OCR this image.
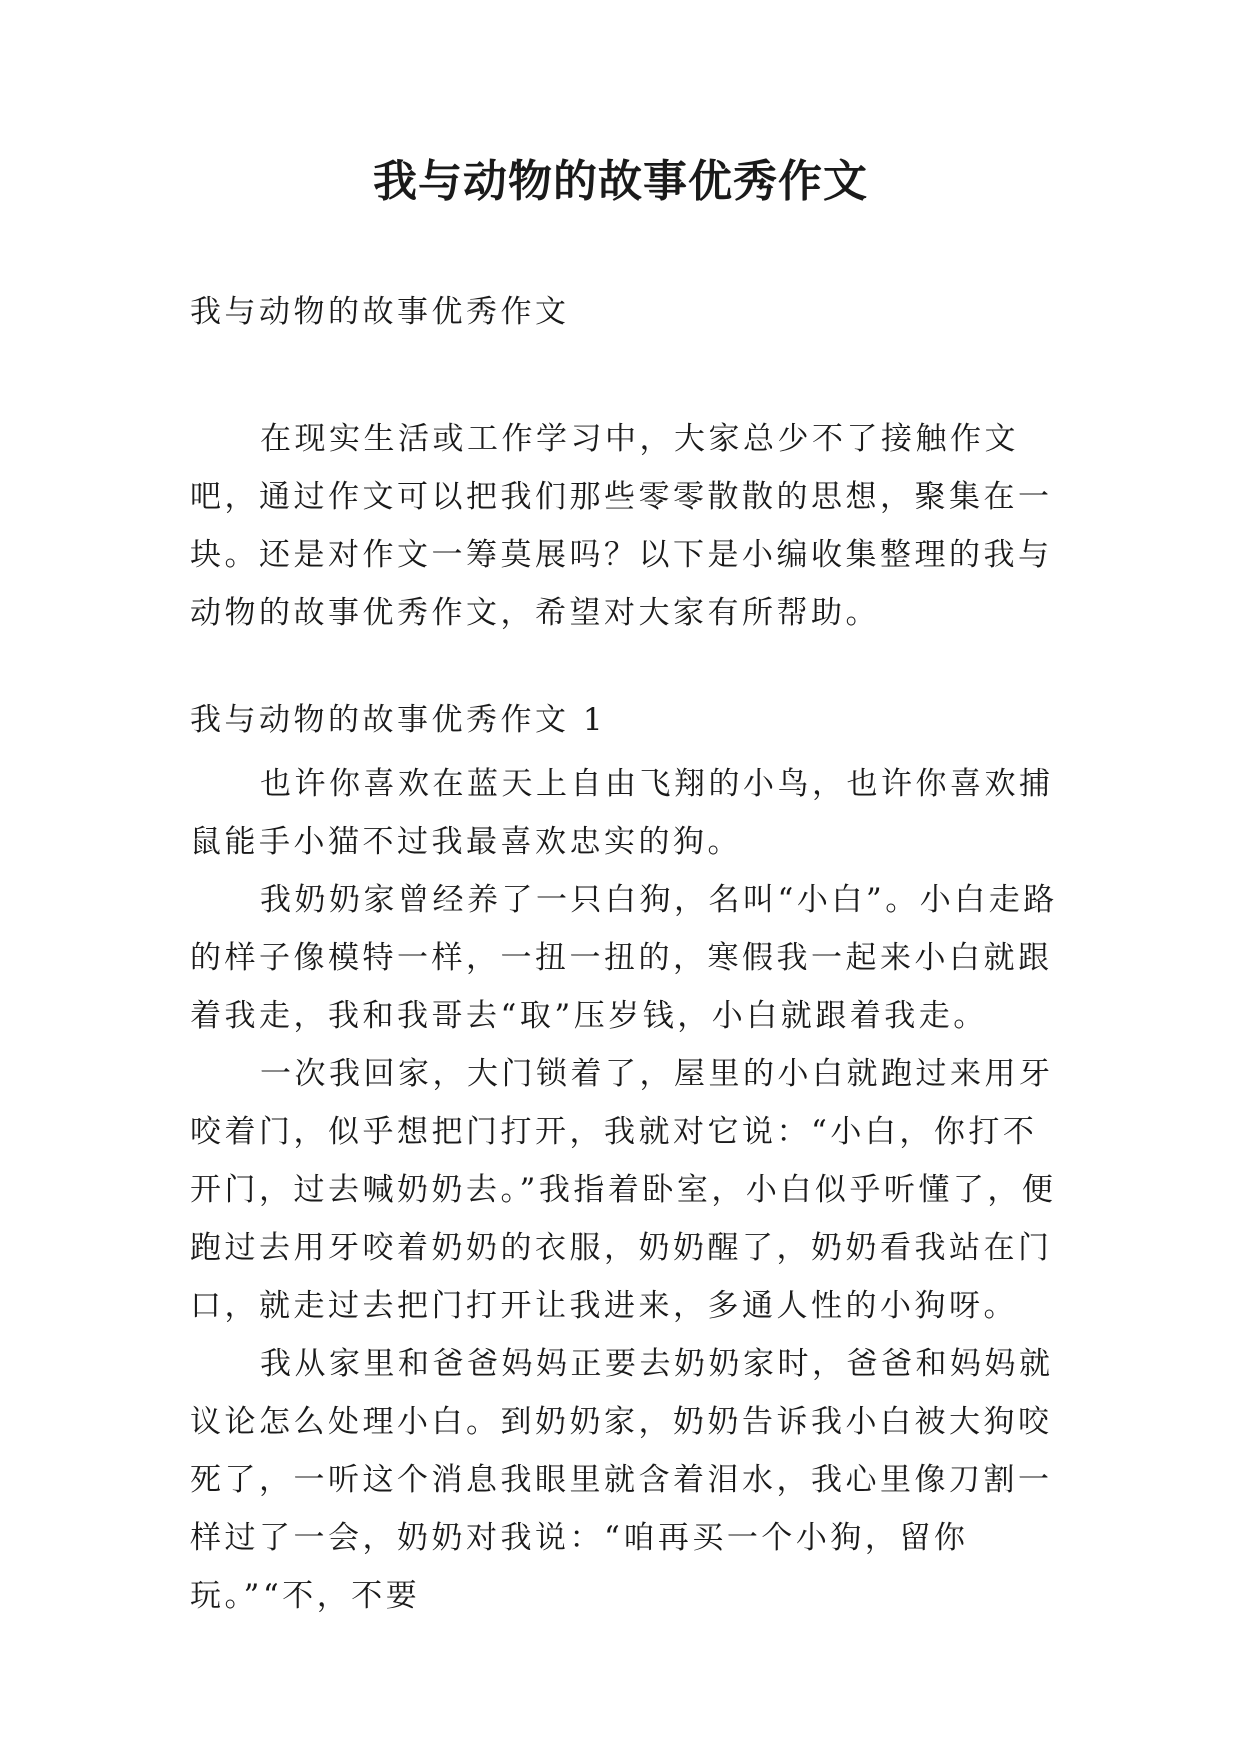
我与动物的故事优秀作文
我与动物的故事优秀作文

在现实生活或工作学习中，大家总少不了接触作文吧，通过作文可以把我们那些零零散散的思想，聚集在一块。还是对作文一筹莫展吗？以下是小编收集整理的我与动物的故事优秀作文，希望对大家有所帮助。

我与动物的故事优秀作文 1

也许你喜欢在蓝天上自由飞翔的小鸟，也许你喜欢捕鼠能手小猫不过我最喜欢忠实的狗。

我奶奶家曾经养了一只白狗，名叫“小白”。小白走路的样子像模特一样，一扭一扭的，寒假我一起来小白就跟着我走，我和我哥去“取”压岁钱，小白就跟着我走。

一次我回家，大门锁着了，屋里的小白就跑过来用牙咬着门，似乎想把门打开，我就对它说：“小白，你打不开门，过去喊奶奶去。”我指着卧室，小白似乎听懂了，便跑过去用牙咬着奶奶的衣服，奶奶醒了，奶奶看我站在门口，就走过去把门打开让我进来，多通人性的小狗呀。

我从家里和爸爸妈妈正要去奶奶家时，爸爸和妈妈就议论怎么处理小白。到奶奶家，奶奶告诉我小白被大狗咬死了，一听这个消息我眼里就含着泪水，我心里像刀割一样过了一会，奶奶对我说：“咱再买一个小狗，留你玩。”“不，不要
